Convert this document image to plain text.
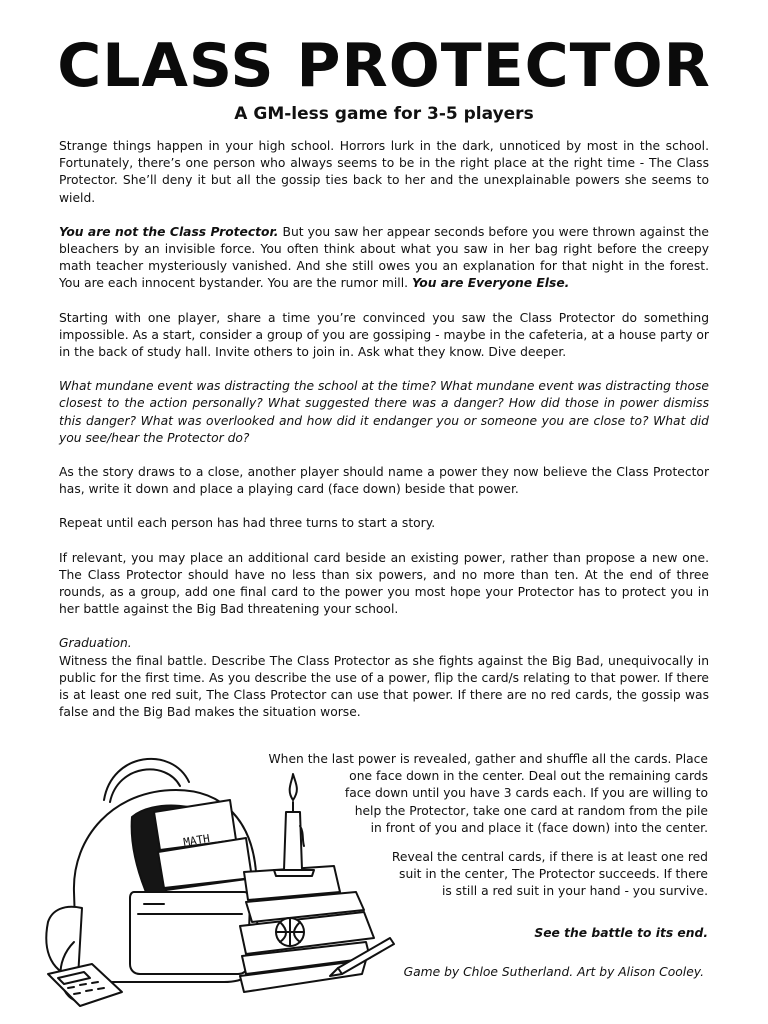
CLASS PROTECTOR
A GM-less game for 3-5 players

Strange things happen in your high school. Horrors lurk in the dark, unnoticed by most in the school. Fortunately, there’s one person who always seems to be in the right place at the right time - The Class Protector. She’ll deny it but all the gossip ties back to her and the unexplainable powers she seems to wield.

You are not the Class Protector. But you saw her appear seconds before you were thrown against the bleachers by an invisible force. You often think about what you saw in her bag right before the creepy math teacher mysteriously vanished. And she still owes you an explanation for that night in the forest. You are each innocent bystander. You are the rumor mill. You are Everyone Else.

Starting with one player, share a time you’re convinced you saw the Class Protector do something impossible. As a start, consider a group of you are gossiping - maybe in the cafeteria, at a house party or in the back of study hall. Invite others to join in. Ask what they know. Dive deeper.

What mundane event was distracting the school at the time? What mundane event was distracting those closest to the action personally? What suggested there was a danger? How did those in power dismiss this danger? What was overlooked and how did it endanger you or someone you are close to? What did you see/hear the Protector do?

As the story draws to a close, another player should name a power they now believe the Class Protector has, write it down and place a playing card (face down) beside that power.

Repeat until each person has had three turns to start a story.

If relevant, you may place an additional card beside an existing power, rather than propose a new one. The Class Protector should have no less than six powers, and no more than ten. At the end of three rounds, as a group, add one final card to the power you most hope your Protector has to protect you in her battle against the Big Bad threatening your school.

Graduation.

Witness the final battle. Describe The Class Protector as she fights against the Big Bad, unequivocally in public for the first time. As you describe the use of a power, flip the card/s relating to that power. If there is at least one red suit, The Class Protector can use that power. If there are no red cards, the gossip was false and the Big Bad makes the situation worse.

MATH

When the last power is revealed, gather and shuffle all the cards. Place
one face down in the center. Deal out the remaining cards
face down until you have 3 cards each. If you are willing to
help the Protector, take one card at random from the pile
in front of you and place it (face down) into the center.

Reveal the central cards, if there is at least one red
suit in the center, The Protector succeeds. If there
is still a red suit in your hand - you survive.

See the battle to its end.
Game by Chloe Sutherland. Art by Alison Cooley.
